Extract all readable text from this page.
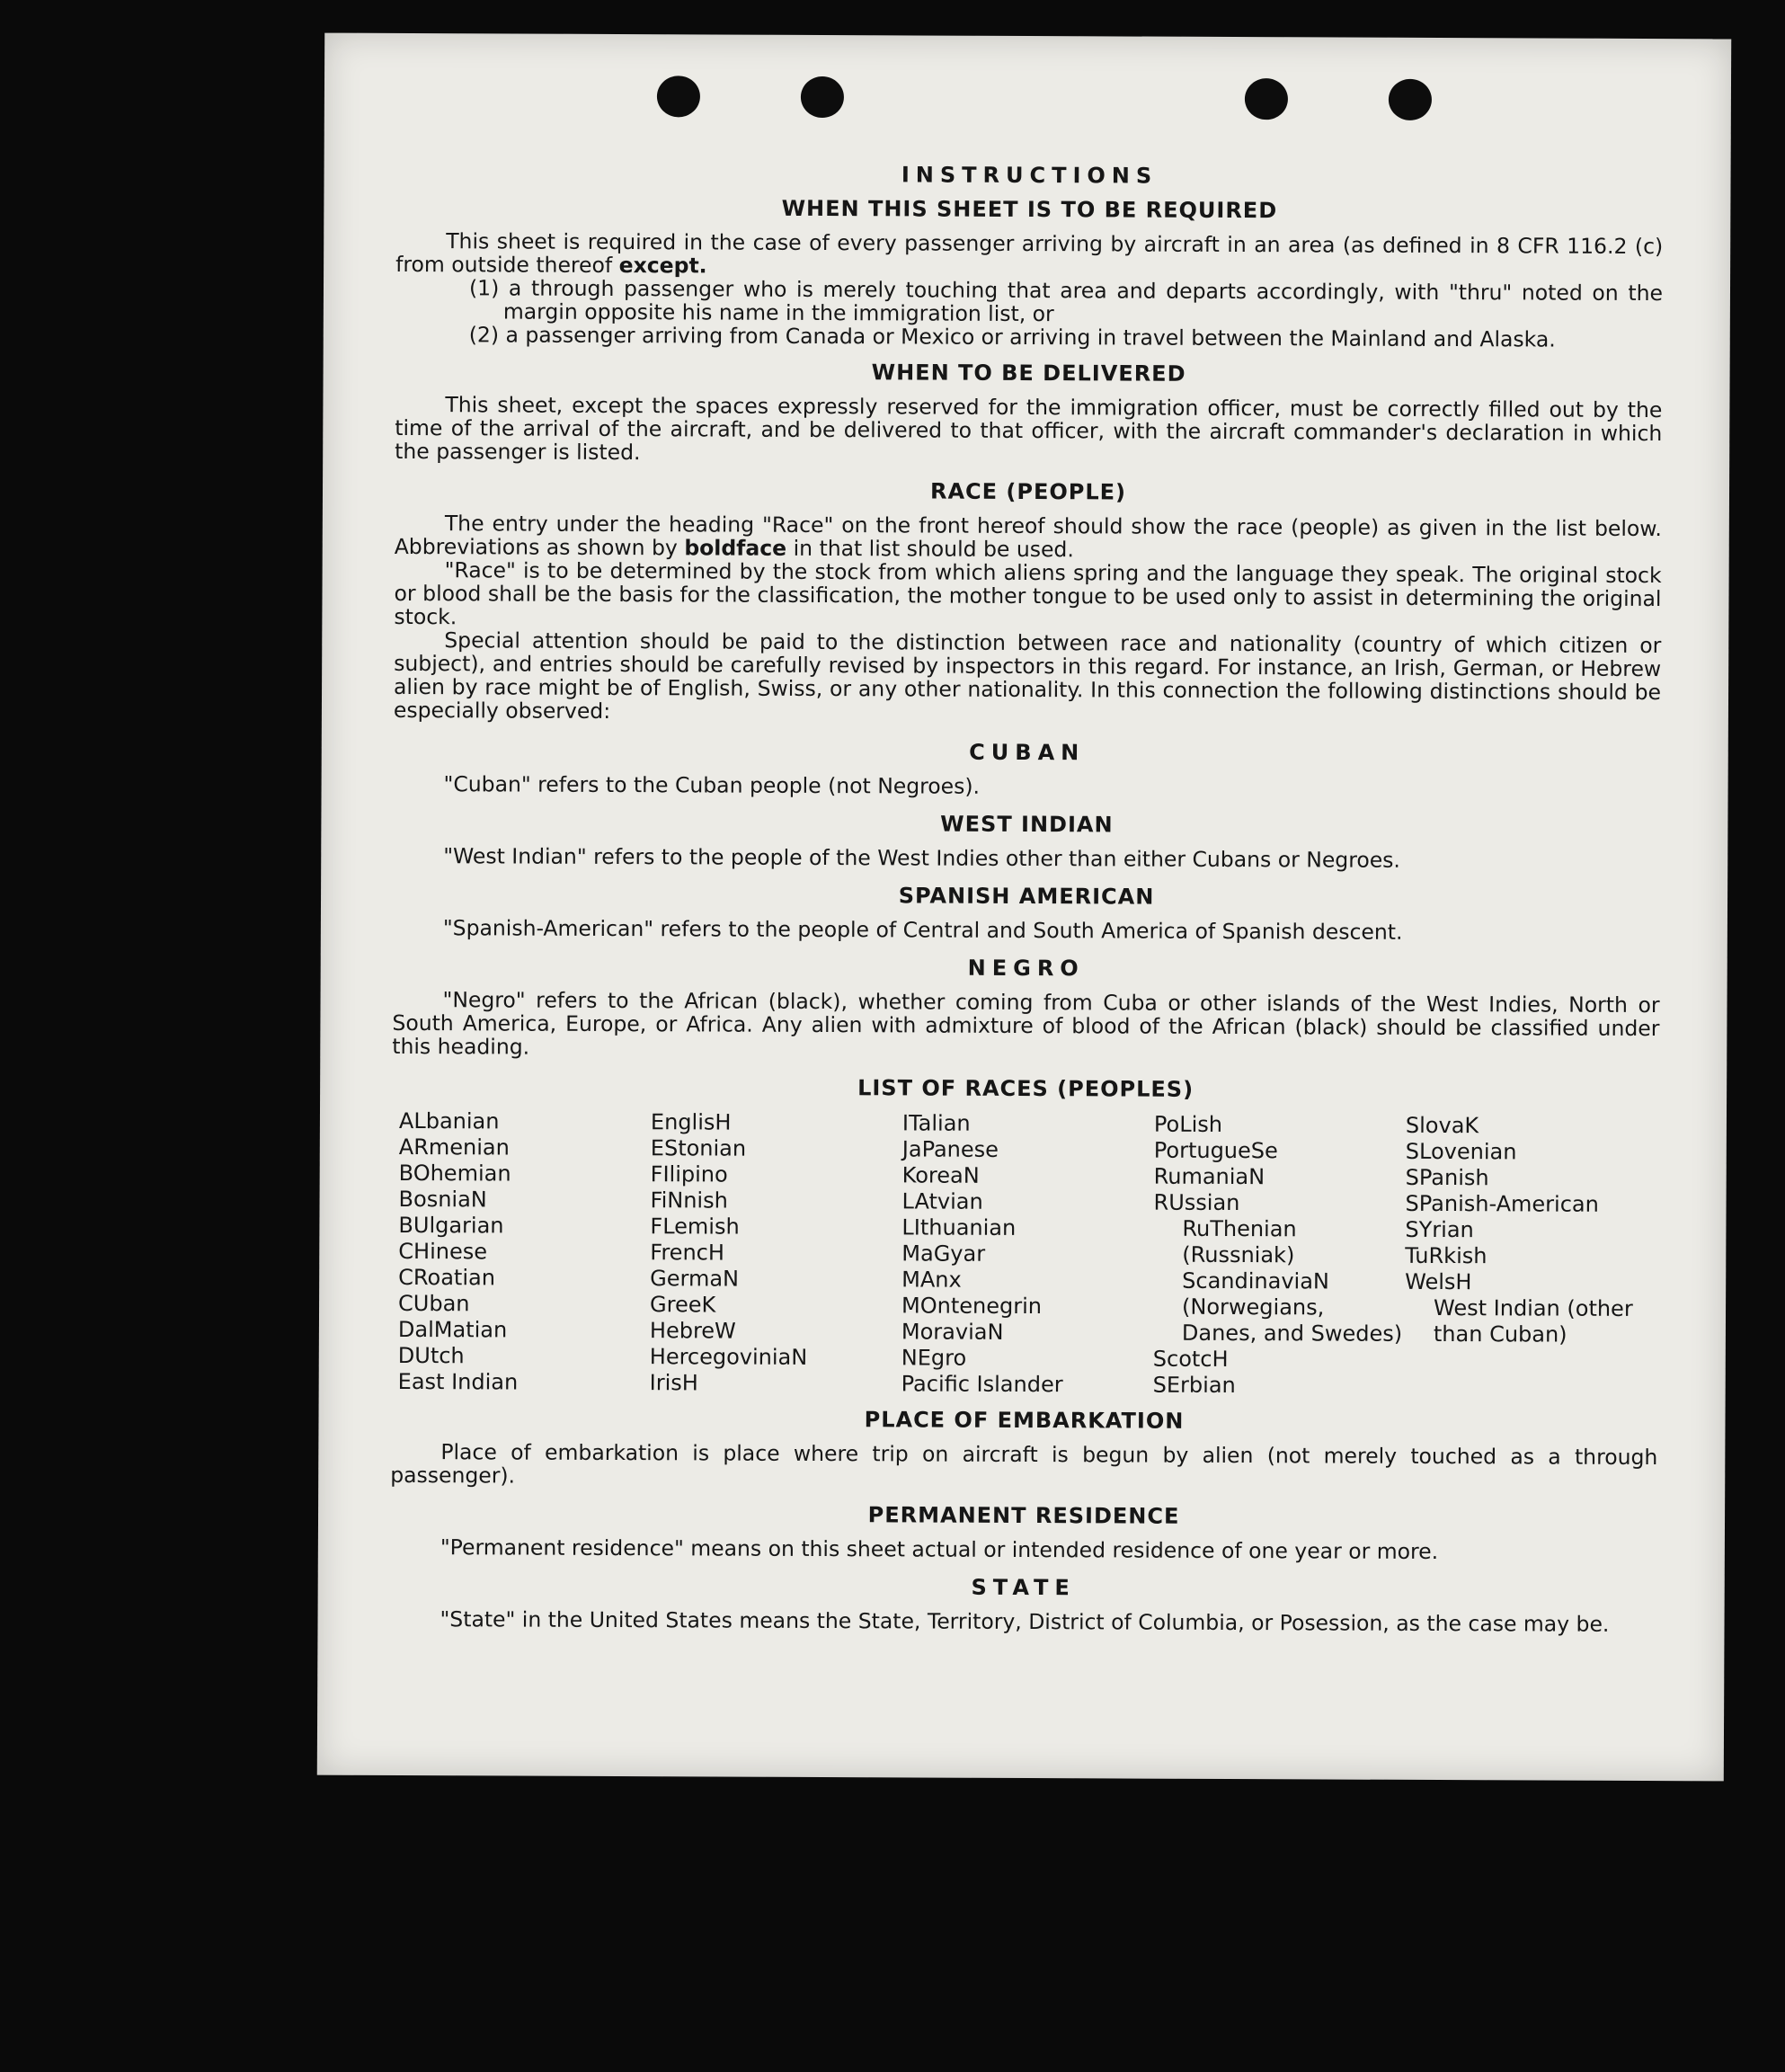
INSTRUCTIONS
WHEN THIS SHEET IS TO BE REQUIRED

This sheet is required in the case of every passenger arriving by aircraft in an area (as defined in 8 CFR 116.2 (c) from outside thereof except.

(1) a through passenger who is merely touching that area and departs accordingly, with "thru" noted on the margin opposite his name in the immigration list, or

(2) a passenger arriving from Canada or Mexico or arriving in travel between the Mainland and Alaska.

WHEN TO BE DELIVERED

This sheet, except the spaces expressly reserved for the immigration officer, must be correctly filled out by the time of the arrival of the aircraft, and be delivered to that officer, with the aircraft commander's declaration in which the passenger is listed.

RACE (PEOPLE)

The entry under the heading "Race" on the front hereof should show the race (people) as given in the list below. Abbreviations as shown by boldface in that list should be used.

"Race" is to be determined by the stock from which aliens spring and the language they speak. The original stock or blood shall be the basis for the classification, the mother tongue to be used only to assist in determining the original stock.

Special attention should be paid to the distinction between race and nationality (country of which citizen or subject), and entries should be carefully revised by inspectors in this regard. For instance, an Irish, German, or Hebrew alien by race might be of English, Swiss, or any other nationality. In this connection the following distinctions should be especially observed:

CUBAN

"Cuban" refers to the Cuban people (not Negroes).

WEST INDIAN

"West Indian" refers to the people of the West Indies other than either Cubans or Negroes.

SPANISH AMERICAN

"Spanish-American" refers to the people of Central and South America of Spanish descent.

NEGRO

"Negro" refers to the African (black), whether coming from Cuba or other islands of the West Indies, North or South America, Europe, or Africa. Any alien with admixture of blood of the African (black) should be classified under this heading.

LIST OF RACES (PEOPLES)
ALbanian
ARmenian
BOhemian
BosniaN
BUlgarian
CHinese
CRoatian
CUban
DalMatian
DUtch
East Indian
EnglisH
EStonian
FIlipino
FiNnish
FLemish
FrencH
GermaN
GreeK
HebreW
HercegoviniaN
IrisH
ITalian
JaPanese
KoreaN
LAtvian
LIthuanian
MaGyar
MAnx
MOntenegrin
MoraviaN
NEgro
Pacific Islander
PoLish
PortugueSe
RumaniaN
RUssian
RuThenian (Russniak)
ScandinaviaN (Norwegians, Danes, and Swedes)
ScotcH
SErbian
SlovaK
SLovenian
SPanish
SPanish-American
SYrian
TuRkish
WelsH
West Indian (other than Cuban)
PLACE OF EMBARKATION

Place of embarkation is place where trip on aircraft is begun by alien (not merely touched as a through passenger).

PERMANENT RESIDENCE

"Permanent residence" means on this sheet actual or intended residence of one year or more.

STATE

"State" in the United States means the State, Territory, District of Columbia, or Posession, as the case may be.
